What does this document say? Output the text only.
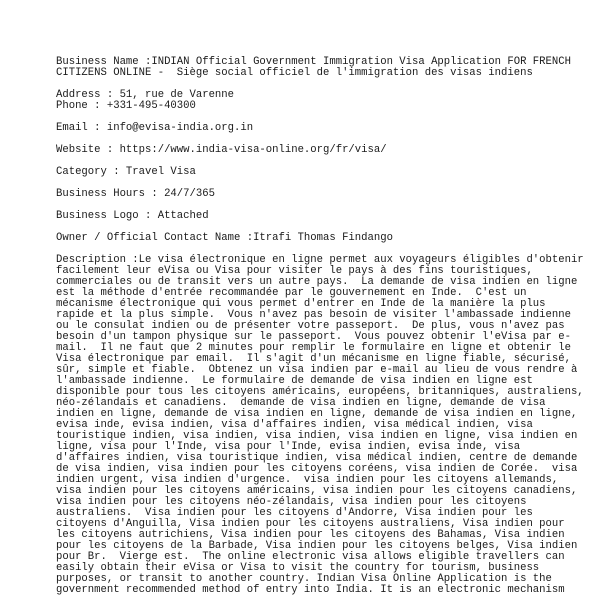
Business Name :INDIAN Official Government Immigration Visa Application FOR FRENCH
CITIZENS ONLINE -  Siège social officiel de l'immigration des visas indiens
Address : 51, rue de Varenne
Phone : +331-495-40300
Email : info@evisa-india.org.in
Website : https://www.india-visa-online.org/fr/visa/
Category : Travel Visa
Business Hours : 24/7/365
Business Logo : Attached
Owner / Official Contact Name :Itrafi Thomas Findango
Description :Le visa électronique en ligne permet aux voyageurs éligibles d'obtenir
facilement leur eVisa ou Visa pour visiter le pays à des fins touristiques,
commerciales ou de transit vers un autre pays.  La demande de visa indien en ligne
est la méthode d'entrée recommandée par le gouvernement en Inde.  C'est un
mécanisme électronique qui vous permet d'entrer en Inde de la manière la plus
rapide et la plus simple.  Vous n'avez pas besoin de visiter l'ambassade indienne
ou le consulat indien ou de présenter votre passeport.  De plus, vous n'avez pas
besoin d'un tampon physique sur le passeport.  Vous pouvez obtenir l'eVisa par e-
mail.  Il ne faut que 2 minutes pour remplir le formulaire en ligne et obtenir le
Visa électronique par email.  Il s'agit d'un mécanisme en ligne fiable, sécurisé,
sûr, simple et fiable.  Obtenez un visa indien par e-mail au lieu de vous rendre à
l'ambassade indienne.  Le formulaire de demande de visa indien en ligne est
disponible pour tous les citoyens américains, européens, britanniques, australiens,
néo-zélandais et canadiens.  demande de visa indien en ligne, demande de visa
indien en ligne, demande de visa indien en ligne, demande de visa indien en ligne,
evisa inde, evisa indien, visa d'affaires indien, visa médical indien, visa
touristique indien, visa indien, visa indien, visa indien en ligne, visa indien en
ligne, visa pour l'Inde, visa pour l'Inde, evisa indien, evisa inde, visa
d'affaires indien, visa touristique indien, visa médical indien, centre de demande
de visa indien, visa indien pour les citoyens coréens, visa indien de Corée.  visa
indien urgent, visa indien d'urgence.  visa indien pour les citoyens allemands,
visa indien pour les citoyens américains, visa indien pour les citoyens canadiens,
visa indien pour les citoyens néo-zélandais, visa indien pour les citoyens
australiens.  Visa indien pour les citoyens d'Andorre, Visa indien pour les
citoyens d'Anguilla, Visa indien pour les citoyens australiens, Visa indien pour
les citoyens autrichiens, Visa indien pour les citoyens des Bahamas, Visa indien
pour les citoyens de la Barbade, Visa indien pour les citoyens belges, Visa indien
pour Br.  Vierge est.  The online electronic visa allows eligible travellers can
easily obtain their eVisa or Visa to visit the country for tourism, business
purposes, or transit to another country. Indian Visa Online Application is the
government recommended method of entry into India. It is an electronic mechanism
